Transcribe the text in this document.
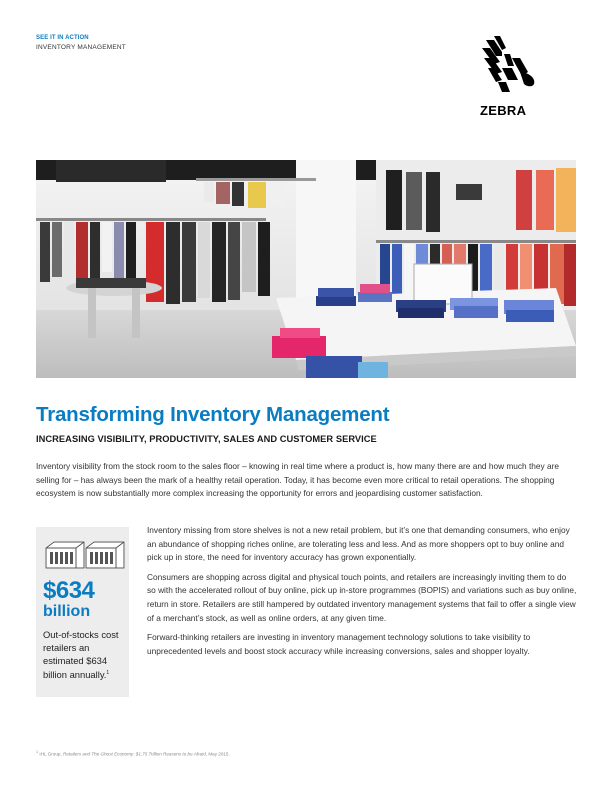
SEE IT IN ACTION
INVENTORY MANAGEMENT
ZEBRA
Transforming Inventory Management
INCREASING VISIBILITY, PRODUCTIVITY, SALES AND CUSTOMER SERVICE

Inventory visibility from the stock room to the sales floor – knowing in real time where a product is, how many there are and how much they are selling for – has always been the mark of a healthy retail operation. Today, it has become even more critical to retail operations. The shopping ecosystem is now substantially more complex increasing the opportunity for errors and jeopardising customer satisfaction.

$634
billion
Out-of-stocks cost retailers an estimated $634 billion annually.$^1$

Inventory missing from store shelves is not a new retail problem, but it’s one that demanding consumers, who enjoy an abundance of shopping riches online, are tolerating less and less. And as more shoppers opt to buy online and pick up in store, the need for inventory accuracy has grown exponentially.

Consumers are shopping across digital and physical touch points, and retailers are increasingly inviting them to do so with the accelerated rollout of buy online, pick up in-store programmes (BOPIS) and variations such as buy online, return in store. Retailers are still hampered by outdated inventory management systems that fail to offer a single view of a merchant’s stock, as well as online orders, at any given time.

Forward-thinking retailers are investing in inventory management technology solutions to take visibility to unprecedented levels and boost stock accuracy while increasing conversions, sales and shopper loyalty.

$^1$ IHL Group, Retailers and The Ghost Economy: $1.75 Trillion Reasons to be Afraid, May 2015.
